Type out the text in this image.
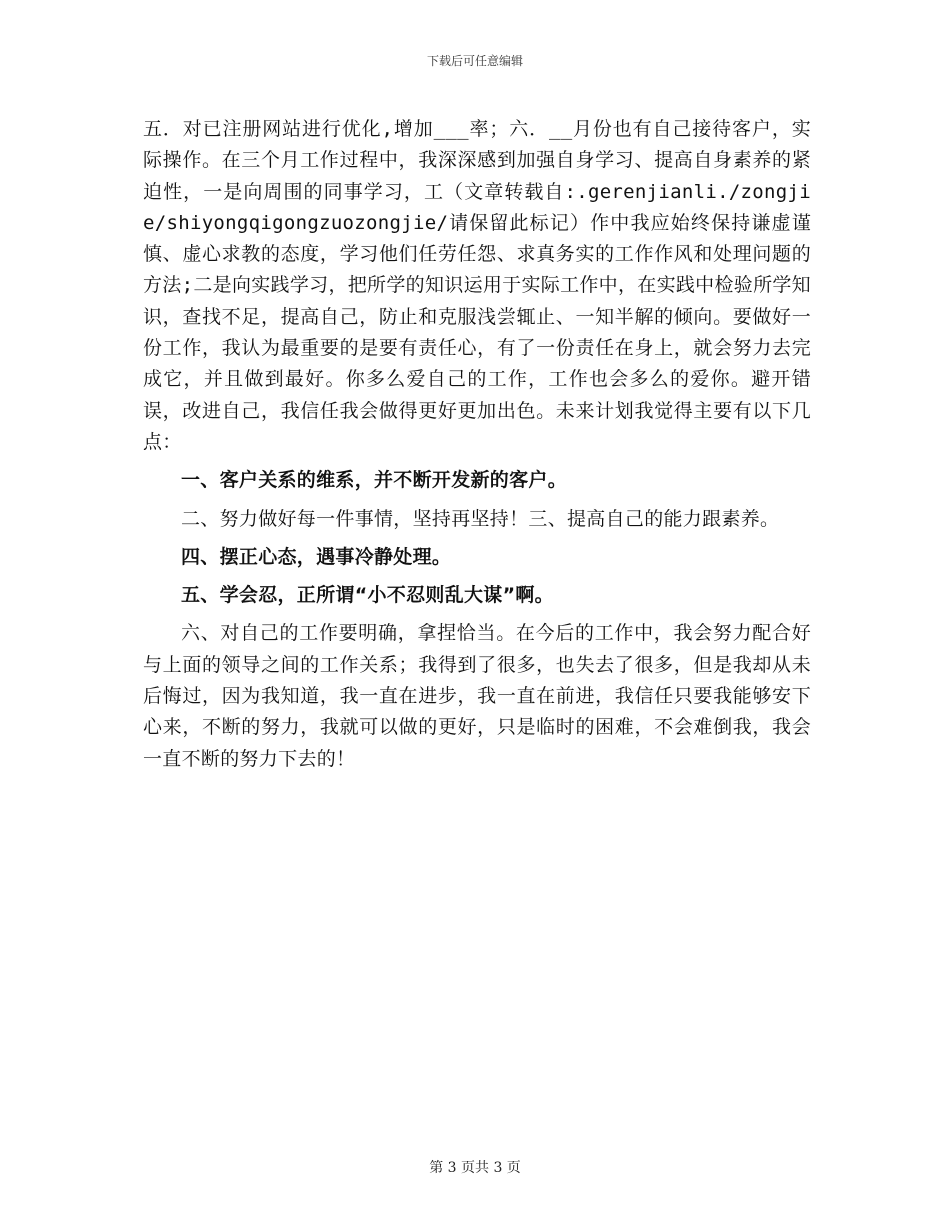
下载后可任意编辑

五．对已注册网站进行优化,增加___率；六．__月份也有自己接待客户，实际操作。在三个月工作过程中，我深深感到加强自身学习、提高自身素养的紧迫性，一是向周围的同事学习，工（文章转载自:.gerenjianli./zongjie/shiyongqigongzuozongjie/请保留此标记）作中我应始终保持谦虚谨慎、虚心求教的态度，学习他们任劳任怨、求真务实的工作作风和处理问题的方法;二是向实践学习，把所学的知识运用于实际工作中，在实践中检验所学知识，查找不足，提高自己，防止和克服浅尝辄止、一知半解的倾向。要做好一份工作，我认为最重要的是要有责任心，有了一份责任在身上，就会努力去完成它，并且做到最好。你多么爱自己的工作，工作也会多么的爱你。避开错误，改进自己，我信任我会做得更好更加出色。未来计划我觉得主要有以下几点：

一、客户关系的维系，并不断开发新的客户。

二、努力做好每一件事情，坚持再坚持！三、提高自己的能力跟素养。

四、摆正心态，遇事冷静处理。

五、学会忍，正所谓“小不忍则乱大谋”啊。

六、对自己的工作要明确，拿捏恰当。在今后的工作中，我会努力配合好与上面的领导之间的工作关系；我得到了很多，也失去了很多，但是我却从未后悔过，因为我知道，我一直在进步，我一直在前进，我信任只要我能够安下心来，不断的努力，我就可以做的更好，只是临时的困难，不会难倒我，我会一直不断的努力下去的！

第 3 页共 3 页
